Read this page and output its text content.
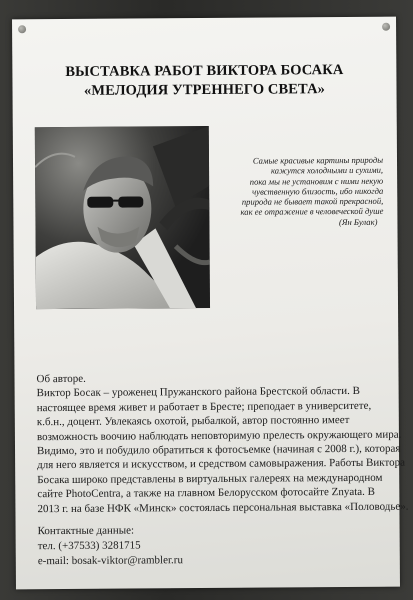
ВЫСТАВКА РАБОТ ВИКТОРА БОСАКА
«МЕЛОДИЯ УТРЕННЕГО СВЕТА»
Самые красивые картины природы
кажутся холодными и сухими,
пока мы не установим с ними некую
чувственную близость, ибо никогда
природа не бывает такой прекрасной,
как ее отражение в человеческой душе
(Ян Булак)
Об авторе.
Виктор Босак – уроженец Пружанского района Брестской области. В
настоящее время живет и работает в Бресте; преподает в университете,
к.б.н., доцент. Увлекаясь охотой, рыбалкой, автор постоянно имеет
возможность воочию наблюдать неповторимую прелесть окружающего мира.
Видимо, это и побудило обратиться к фотосъемке (начиная с 2008 г.), которая
для него является и искусством, и средством самовыражения. Работы Виктора
Босака широко представлены в виртуальных галереях на международном
сайте PhotoCentra, а также на главном Белорусском фотосайте Znyata. В
2013 г. на базе НФК «Минск» состоялась персональная выставка «Половодье».
Контактные данные:
тел. (+37533) 3281715
e-mail: bosak-viktor@rambler.ru
